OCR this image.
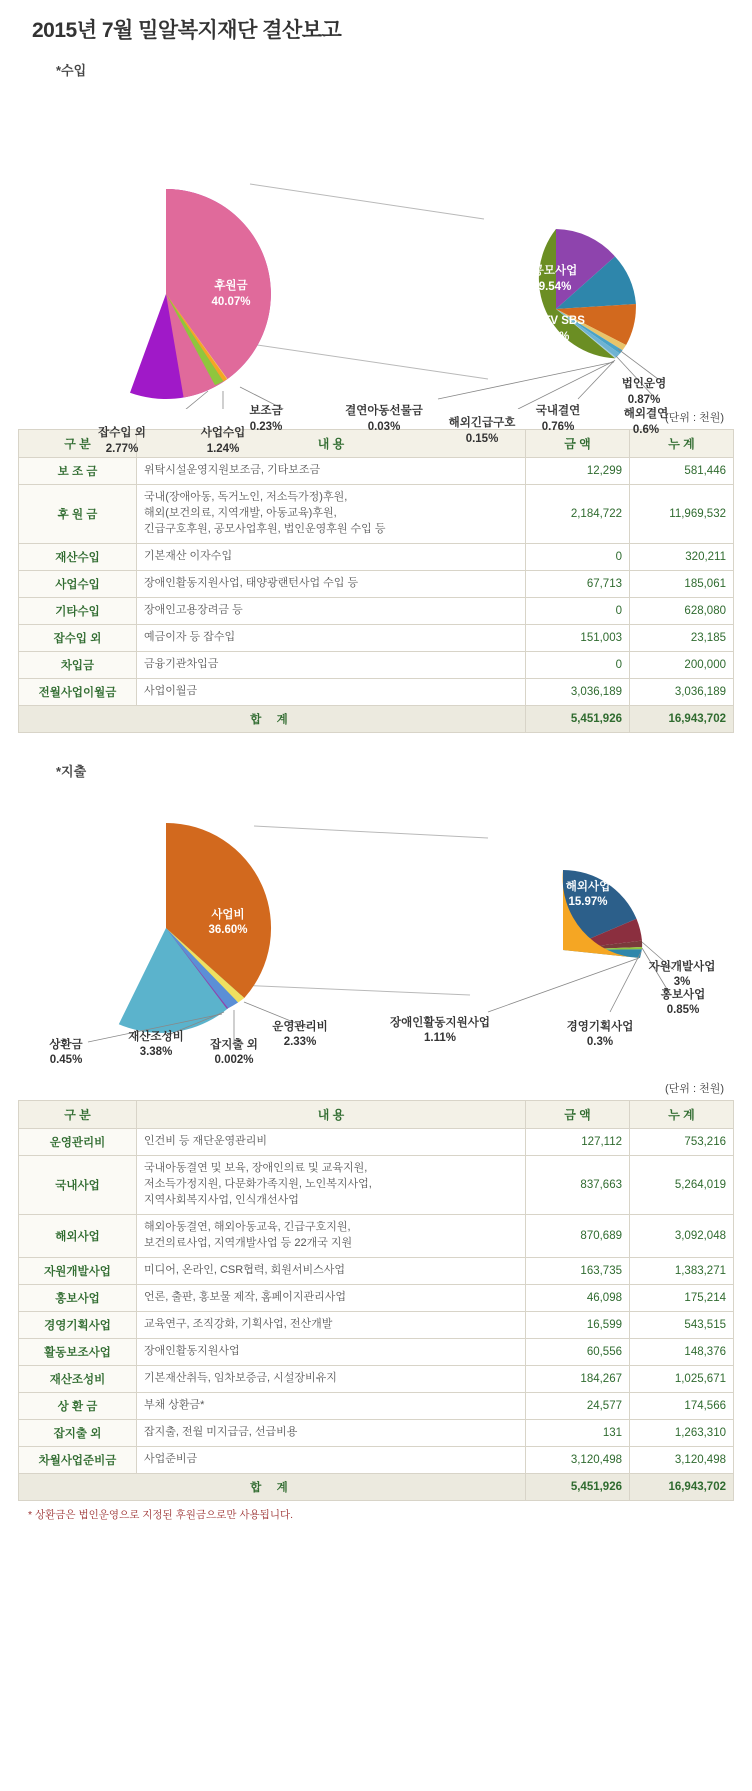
2015년 7월 밀알복지재단 결산보고
*수입
전월사업이월금
55.69%
후원금
40.07%
보조금
0.23%
사업수입
1.24%
잡수입 외
2.77%
해외사업
8.42%
공모사업
9.54%
희망TV SBS
5.25%
국내사업
14.46%
법인운영
0.87%
해외결연
0.6%
국내결연
0.76%
해외긴급구호
0.15%
결연아동선물금
0.03%
(단위 : 천원)
구 분	내 용	금 액	누 계
보 조 금	위탁시설운영지원보조금, 기타보조금	12,299	581,446
후 원 금	국내(장애아동, 독거노인, 저소득가정)후원,
해외(보건의료, 지역개발, 아동교육)후원,
긴급구호후원, 공모사업후원, 법인운영후원 수입 등	2,184,722	11,969,532
재산수입	기본재산 이자수입	0	320,211
사업수입	장애인활동지원사업, 태양광랜턴사업 수입 등	67,713	185,061
기타수입	장애인고용장려금 등	0	628,080
잡수입 외	예금이자 등 잡수입	151,003	23,185
차입금	금융기관차입금	0	200,000
전월사업이월금	사업이월금	3,036,189	3,036,189
합 계		5,451,926	16,943,702
*지출
차월사업준비금
57.24%
사업비
36.60%
운영관리비
2.33%
잡지출 외
0.002%
재산조성비
3.38%
상환금
0.45%
해외사업
15.97%
국내사업
15.36%
장애인활동지원사업
1.11%
경영기획사업
0.3%
홍보사업
0.85%
자원개발사업
3%
(단위 : 천원)
구 분	내 용	금 액	누 계
운영관리비	인건비 등 재단운영관리비	127,112	753,216
국내사업	국내아동결연 및 보육, 장애인의료 및 교육지원,
저소득가정지원, 다문화가족지원, 노인복지사업,
지역사회복지사업, 인식개선사업	837,663	5,264,019
해외사업	해외아동결연, 해외아동교육, 긴급구호지원,
보건의료사업, 지역개발사업 등 22개국 지원	870,689	3,092,048
자원개발사업	미디어, 온라인, CSR협력, 회원서비스사업	163,735	1,383,271
홍보사업	언론, 출판, 홍보물 제작, 홈페이지관리사업	46,098	175,214
경영기획사업	교육연구, 조직강화, 기획사업, 전산개발	16,599	543,515
활동보조사업	장애인활동지원사업	60,556	148,376
재산조성비	기본재산취득, 임차보증금, 시설장비유지	184,267	1,025,671
상 환 금	부채 상환금*	24,577	174,566
잡지출 외	잡지출, 전월 미지급금, 선급비용	131	1,263,310
차월사업준비금	사업준비금	3,120,498	3,120,498
합 계		5,451,926	16,943,702
* 상환금은 법인운영으로 지정된 후원금으로만 사용됩니다.
